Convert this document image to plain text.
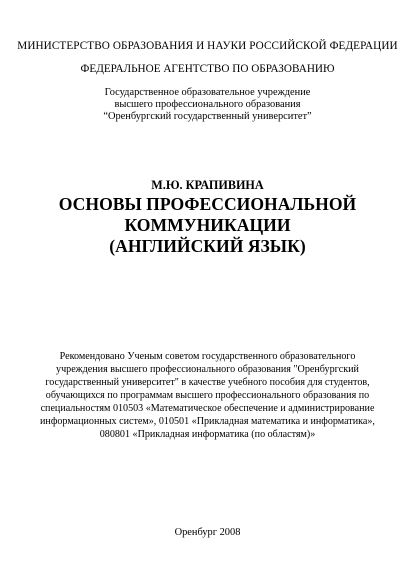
МИНИСТЕРСТВО ОБРАЗОВАНИЯ И НАУКИ РОССИЙСКОЙ ФЕДЕРАЦИИ

ФЕДЕРАЛЬНОЕ АГЕНТСТВО ПО ОБРАЗОВАНИЮ

Государственное образовательное учреждение

высшего профессионального образования

“Оренбургский государственный университет”

М.Ю. КРАПИВИНА

ОСНОВЫ ПРОФЕССИОНАЛЬНОЙ

КОММУНИКАЦИИ

(АНГЛИЙСКИЙ ЯЗЫК)

Рекомендовано Ученым советом государственного образовательного

учреждения высшего профессионального образования "Оренбургский

государственный университет" в качестве учебного пособия для студентов,

обучающихся по программам высшего профессионального образования по

специальностям 010503 «Математическое обеспечение и администрирование

информационных систем», 010501 «Прикладная математика и информатика»,

080801 «Прикладная информатика (по областям)»

Оренбург 2008
